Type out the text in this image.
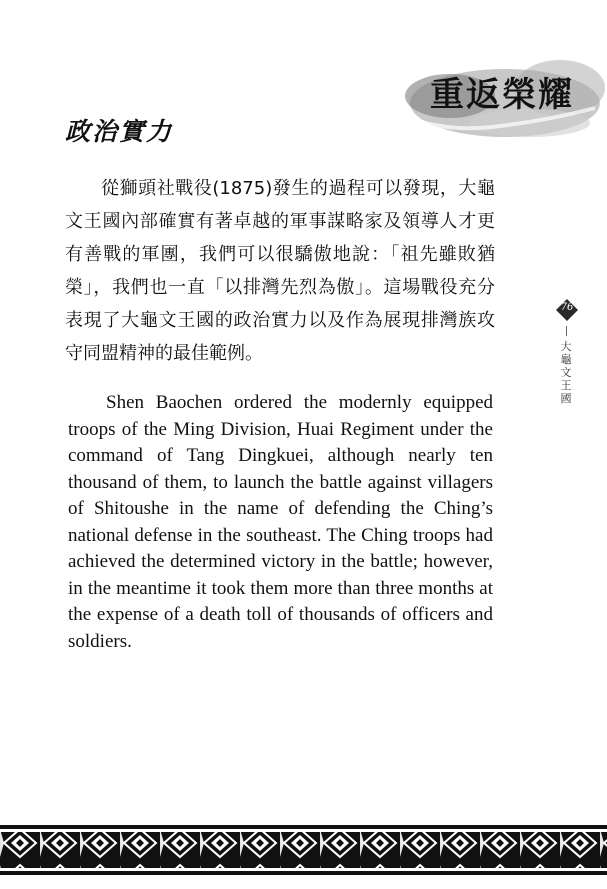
重返榮耀
政治實力

從獅頭社戰役(1875)發生的過程可以發現，大龜文王國內部確實有著卓越的軍事謀略家及領導人才更有善戰的軍團，我們可以很驕傲地說：「祖先雖敗猶榮」，我們也一直「以排灣先烈為傲」。這場戰役充分表現了大龜文王國的政治實力以及作為展現排灣族攻守同盟精神的最佳範例。

Shen Baochen ordered the modernly equipped troops of the Ming Division, Huai Regiment under the command of Tang Dingkuei, although nearly ten thousand of them, to launch the battle against villagers of Shitoushe in the name of defending the Ching’s national defense in the southeast. The Ching troops had achieved the determined victory in the battle; however, in the meantime it took them more than three months at the expense of a death toll of thousands of officers and soldiers.

76
大龜文王國
